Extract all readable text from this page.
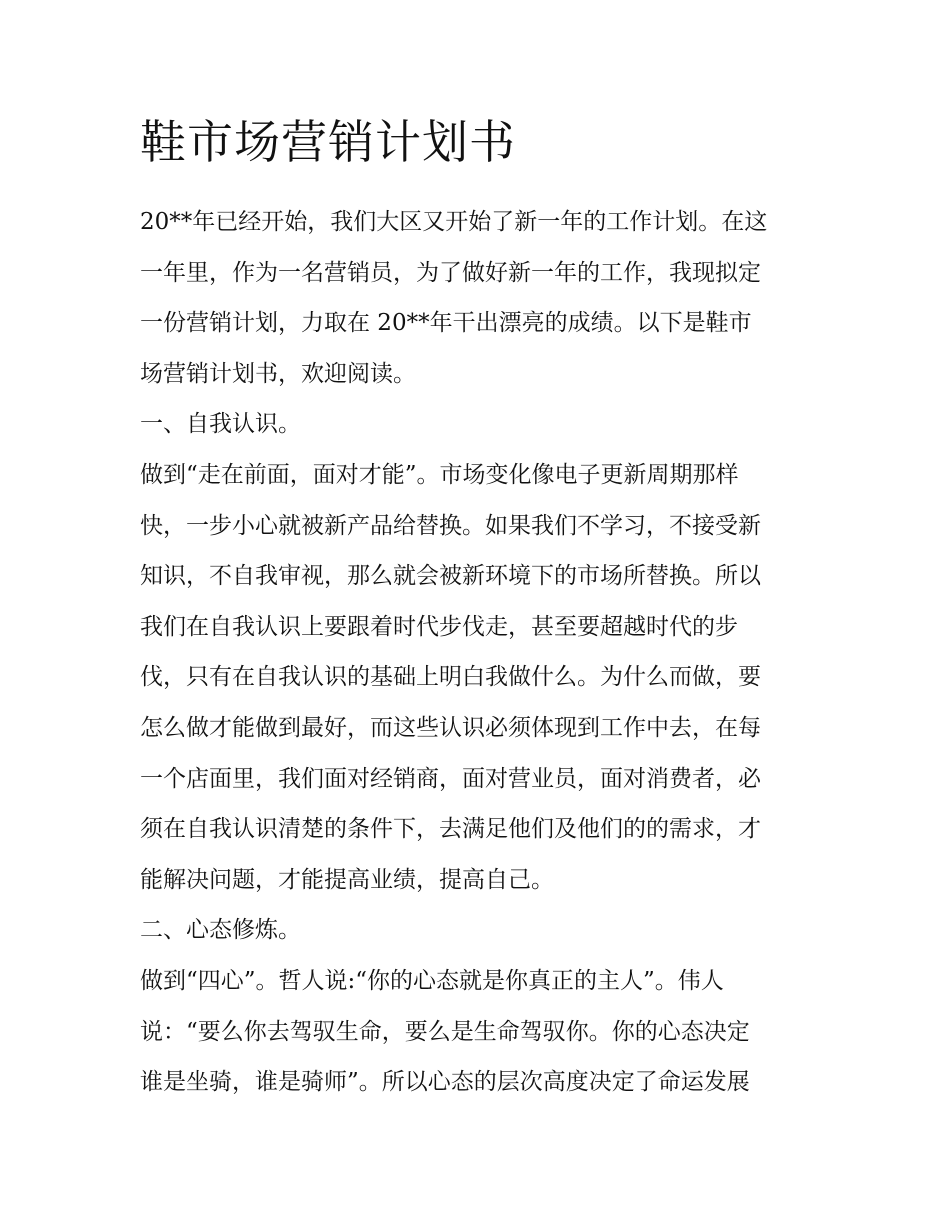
鞋市场营销计划书
20**年已经开始，我们大区又开始了新一年的工作计划。在这
一年里，作为一名营销员，为了做好新一年的工作，我现拟定
一份营销计划，力取在 20**年干出漂亮的成绩。以下是鞋市
场营销计划书，欢迎阅读。
一、自我认识。
做到“走在前面，面对才能”。市场变化像电子更新周期那样
快，一步小心就被新产品给替换。如果我们不学习，不接受新
知识，不自我审视，那么就会被新环境下的市场所替换。所以
我们在自我认识上要跟着时代步伐走，甚至要超越时代的步
伐，只有在自我认识的基础上明白我做什么。为什么而做，要
怎么做才能做到最好，而这些认识必须体现到工作中去，在每
一个店面里，我们面对经销商，面对营业员，面对消费者，必
须在自我认识清楚的条件下，去满足他们及他们的的需求，才
能解决问题，才能提高业绩，提高自己。
二、心态修炼。
做到“四心”。哲人说:“你的心态就是你真正的主人”。伟人
说：“要么你去驾驭生命，要么是生命驾驭你。你的心态决定
谁是坐骑，谁是骑师”。所以心态的层次高度决定了命运发展
